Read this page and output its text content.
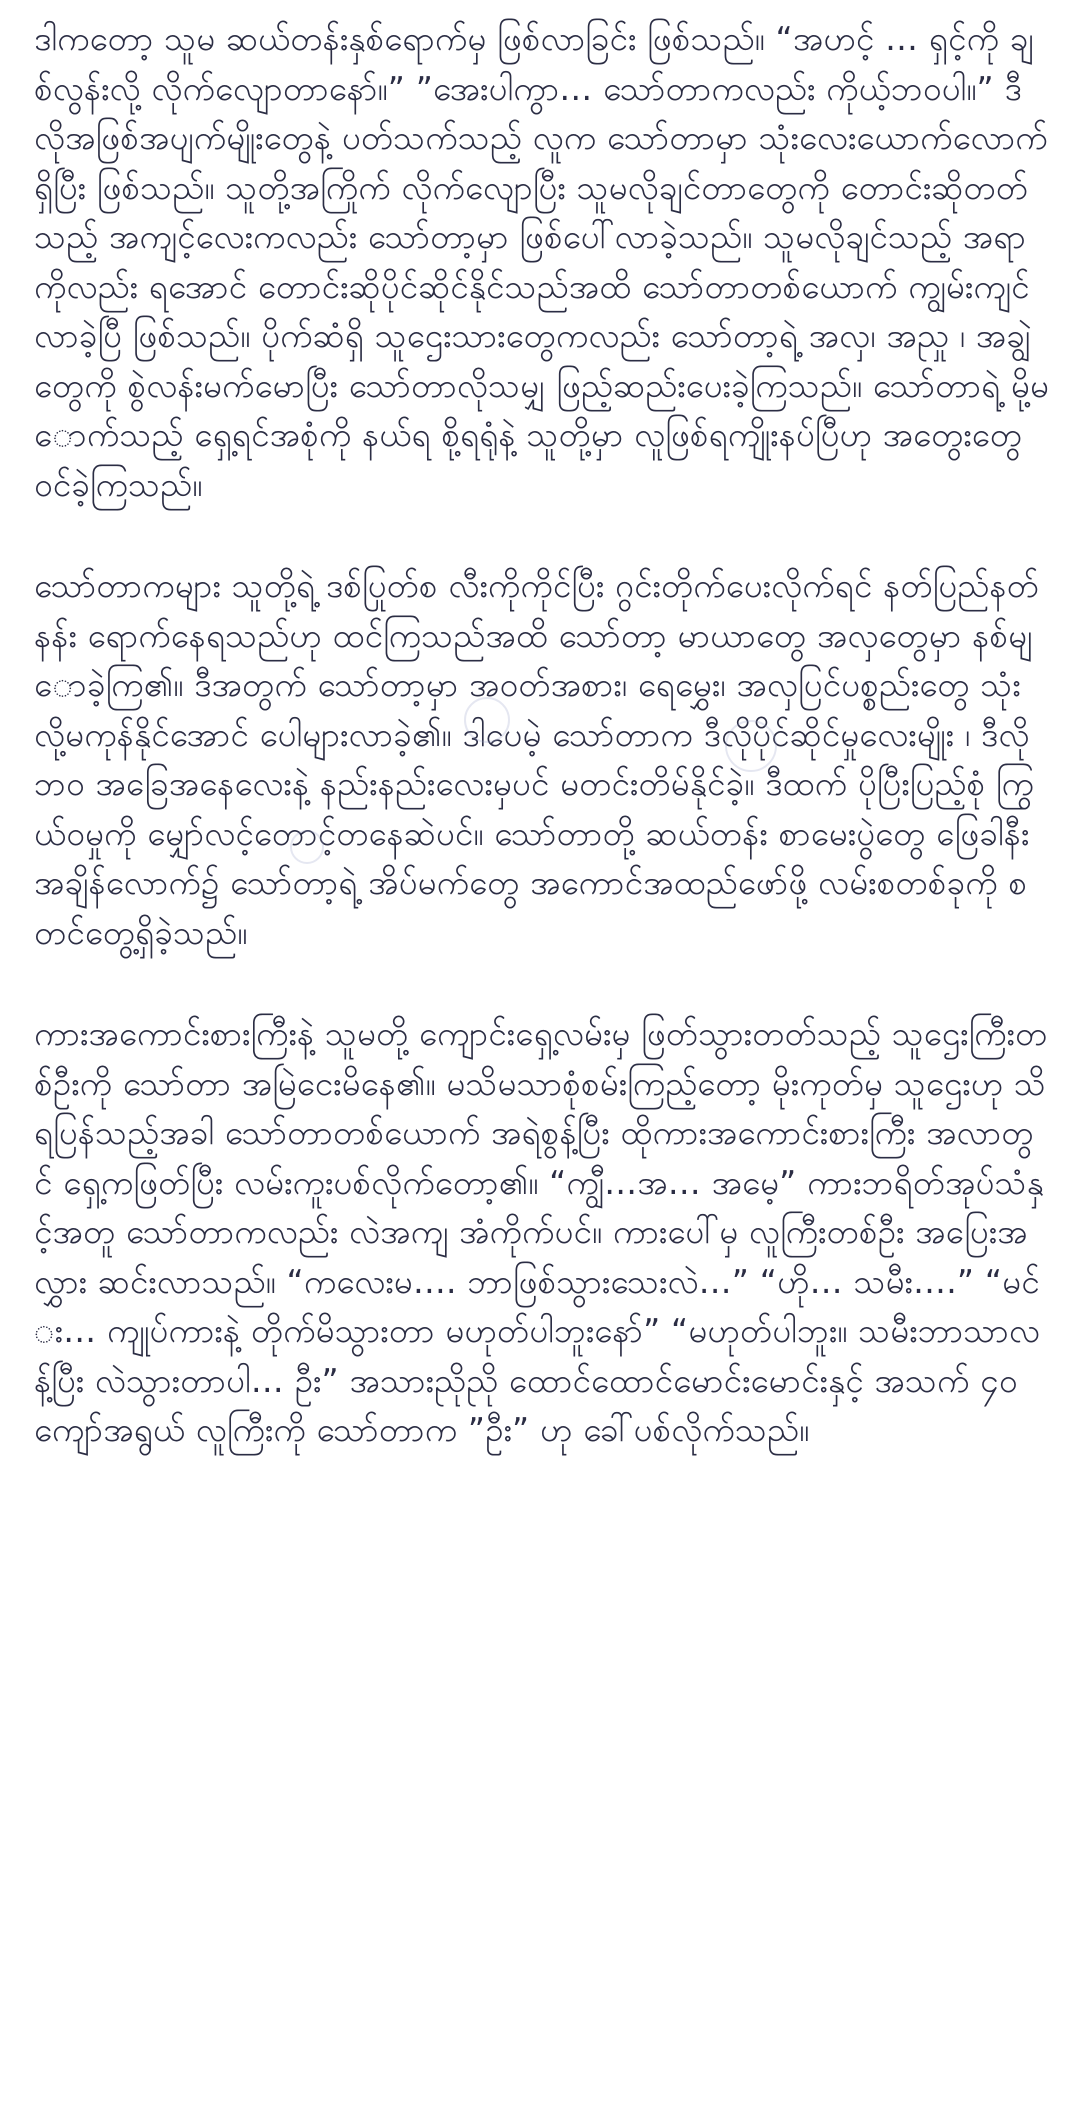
ဒါကတော့ သူမ ဆယ်တန်းနှစ်ရောက်မှ ဖြစ်လာခြင်း ဖြစ်သည်။ “အဟင့် … ရှင့်ကို ချစ်လွန်းလို့ လိုက်လျောတာနော်။” ”အေးပါကွာ… သော်တာကလည်း ကိုယ့်ဘဝပါ။” ဒီလိုအဖြစ်အပျက်မျိုးတွေနဲ့ ပတ်သက်သည့် လူက သော်တာမှာ သုံးလေးယောက်လောက် ရှိပြီး ဖြစ်သည်။ သူတို့အကြိုက် လိုက်လျောပြီး သူမလိုချင်တာတွေကို တောင်းဆိုတတ်သည့် အကျင့်လေးကလည်း သော်တာ့မှာ ဖြစ်ပေါ်လာခဲ့သည်။ သူမလိုချင်သည့် အရာကိုလည်း ရအောင် တောင်းဆိုပိုင်ဆိုင်နိုင်သည်အထိ သော်တာတစ်ယောက် ကျွမ်းကျင်လာခဲ့ပြီ ဖြစ်သည်။ ပိုက်ဆံရှိ သူဌေးသားတွေကလည်း သော်တာ့ရဲ့ အလှ၊ အညှု ၊ အချွဲတွေကို စွဲလန်းမက်မောပြီး သော်တာလိုသမျှ ဖြည့်ဆည်းပေးခဲ့ကြသည်။ သော်တာရဲ့ မို့မောက်သည့် ရှေ့ရင်အစုံကို နယ်ရ စို့ရရုံနဲ့ သူတို့မှာ လူဖြစ်ရကျိုးနပ်ပြီဟု အတွေးတွေ ဝင်ခဲ့ကြသည်။

သော်တာကများ သူတို့ရဲ့ ဒစ်ပြုတ်စ လီးကိုကိုင်ပြီး ဂွင်းတိုက်ပေးလိုက်ရင် နတ်ပြည်နတ်နန်း ရောက်နေရသည်ဟု ထင်ကြသည်အထိ သော်တာ့ မာယာတွေ အလှတွေမှာ နစ်မျောခဲ့ကြ၏။ ဒီအတွက် သော်တာ့မှာ အဝတ်အစား၊ ရေမွှေး၊ အလှပြင်ပစ္စည်းတွေ သုံးလို့မကုန်နိုင်အောင် ပေါများလာခဲ့၏။ ဒါပေမဲ့ သော်တာက ဒီလိုပိုင်ဆိုင်မှုလေးမျိုး ၊ ဒီလိုဘဝ အခြေအနေလေးနဲ့ နည်းနည်းလေးမှပင် မတင်းတိမ်နိုင်ခဲ့။ ဒီထက် ပိုပြီးပြည့်စုံ ကြွယ်ဝမှုကို မျှော်လင့်တောင့်တနေဆဲပင်။ သော်တာတို့ ဆယ်တန်း စာမေးပွဲတွေ ဖြေခါနီး အချိန်လောက်၌ သော်တာ့ရဲ့ အိပ်မက်တွေ အကောင်အထည်ဖော်ဖို့ လမ်းစတစ်ခုကို စတင်တွေ့ရှိခဲ့သည်။

ကားအကောင်းစားကြီးနဲ့ သူမတို့ ကျောင်းရှေ့လမ်းမှ ဖြတ်သွားတတ်သည့် သူဌေးကြီးတစ်ဦးကို သော်တာ အမြဲငေးမိနေ၏။ မသိမသာစုံစမ်းကြည့်တော့ မိုးကုတ်မှ သူဌေးဟု သိရပြန်သည့်အခါ သော်တာတစ်ယောက် အရဲစွန့်ပြီး ထိုကားအကောင်းစားကြီး အလာတွင် ရှေ့ကဖြတ်ပြီး လမ်းကူးပစ်လိုက်တော့၏။ “ကျွီ…အ… အမေ့” ကားဘရိတ်အုပ်သံနှင့်အတူ သော်တာကလည်း လဲအကျ အံကိုက်ပင်။ ကားပေါ်မှ လူကြီးတစ်ဦး အပြေးအလွှား ဆင်းလာသည်။ “ကလေးမ…. ဘာဖြစ်သွားသေးလဲ…” “ဟို… သမီး….” “မင်း… ကျုပ်ကားနဲ့ တိုက်မိသွားတာ မဟုတ်ပါဘူးနော်” “မဟုတ်ပါဘူး။ သမီးဘာသာလန့်ပြီး လဲသွားတာပါ… ဦး” အသားညိုညို ထောင်ထောင်မောင်းမောင်းနှင့် အသက် ၄၀ ကျော်အရွယ် လူကြီးကို သော်တာက ”ဦး” ဟု ခေါ်ပစ်လိုက်သည်။
